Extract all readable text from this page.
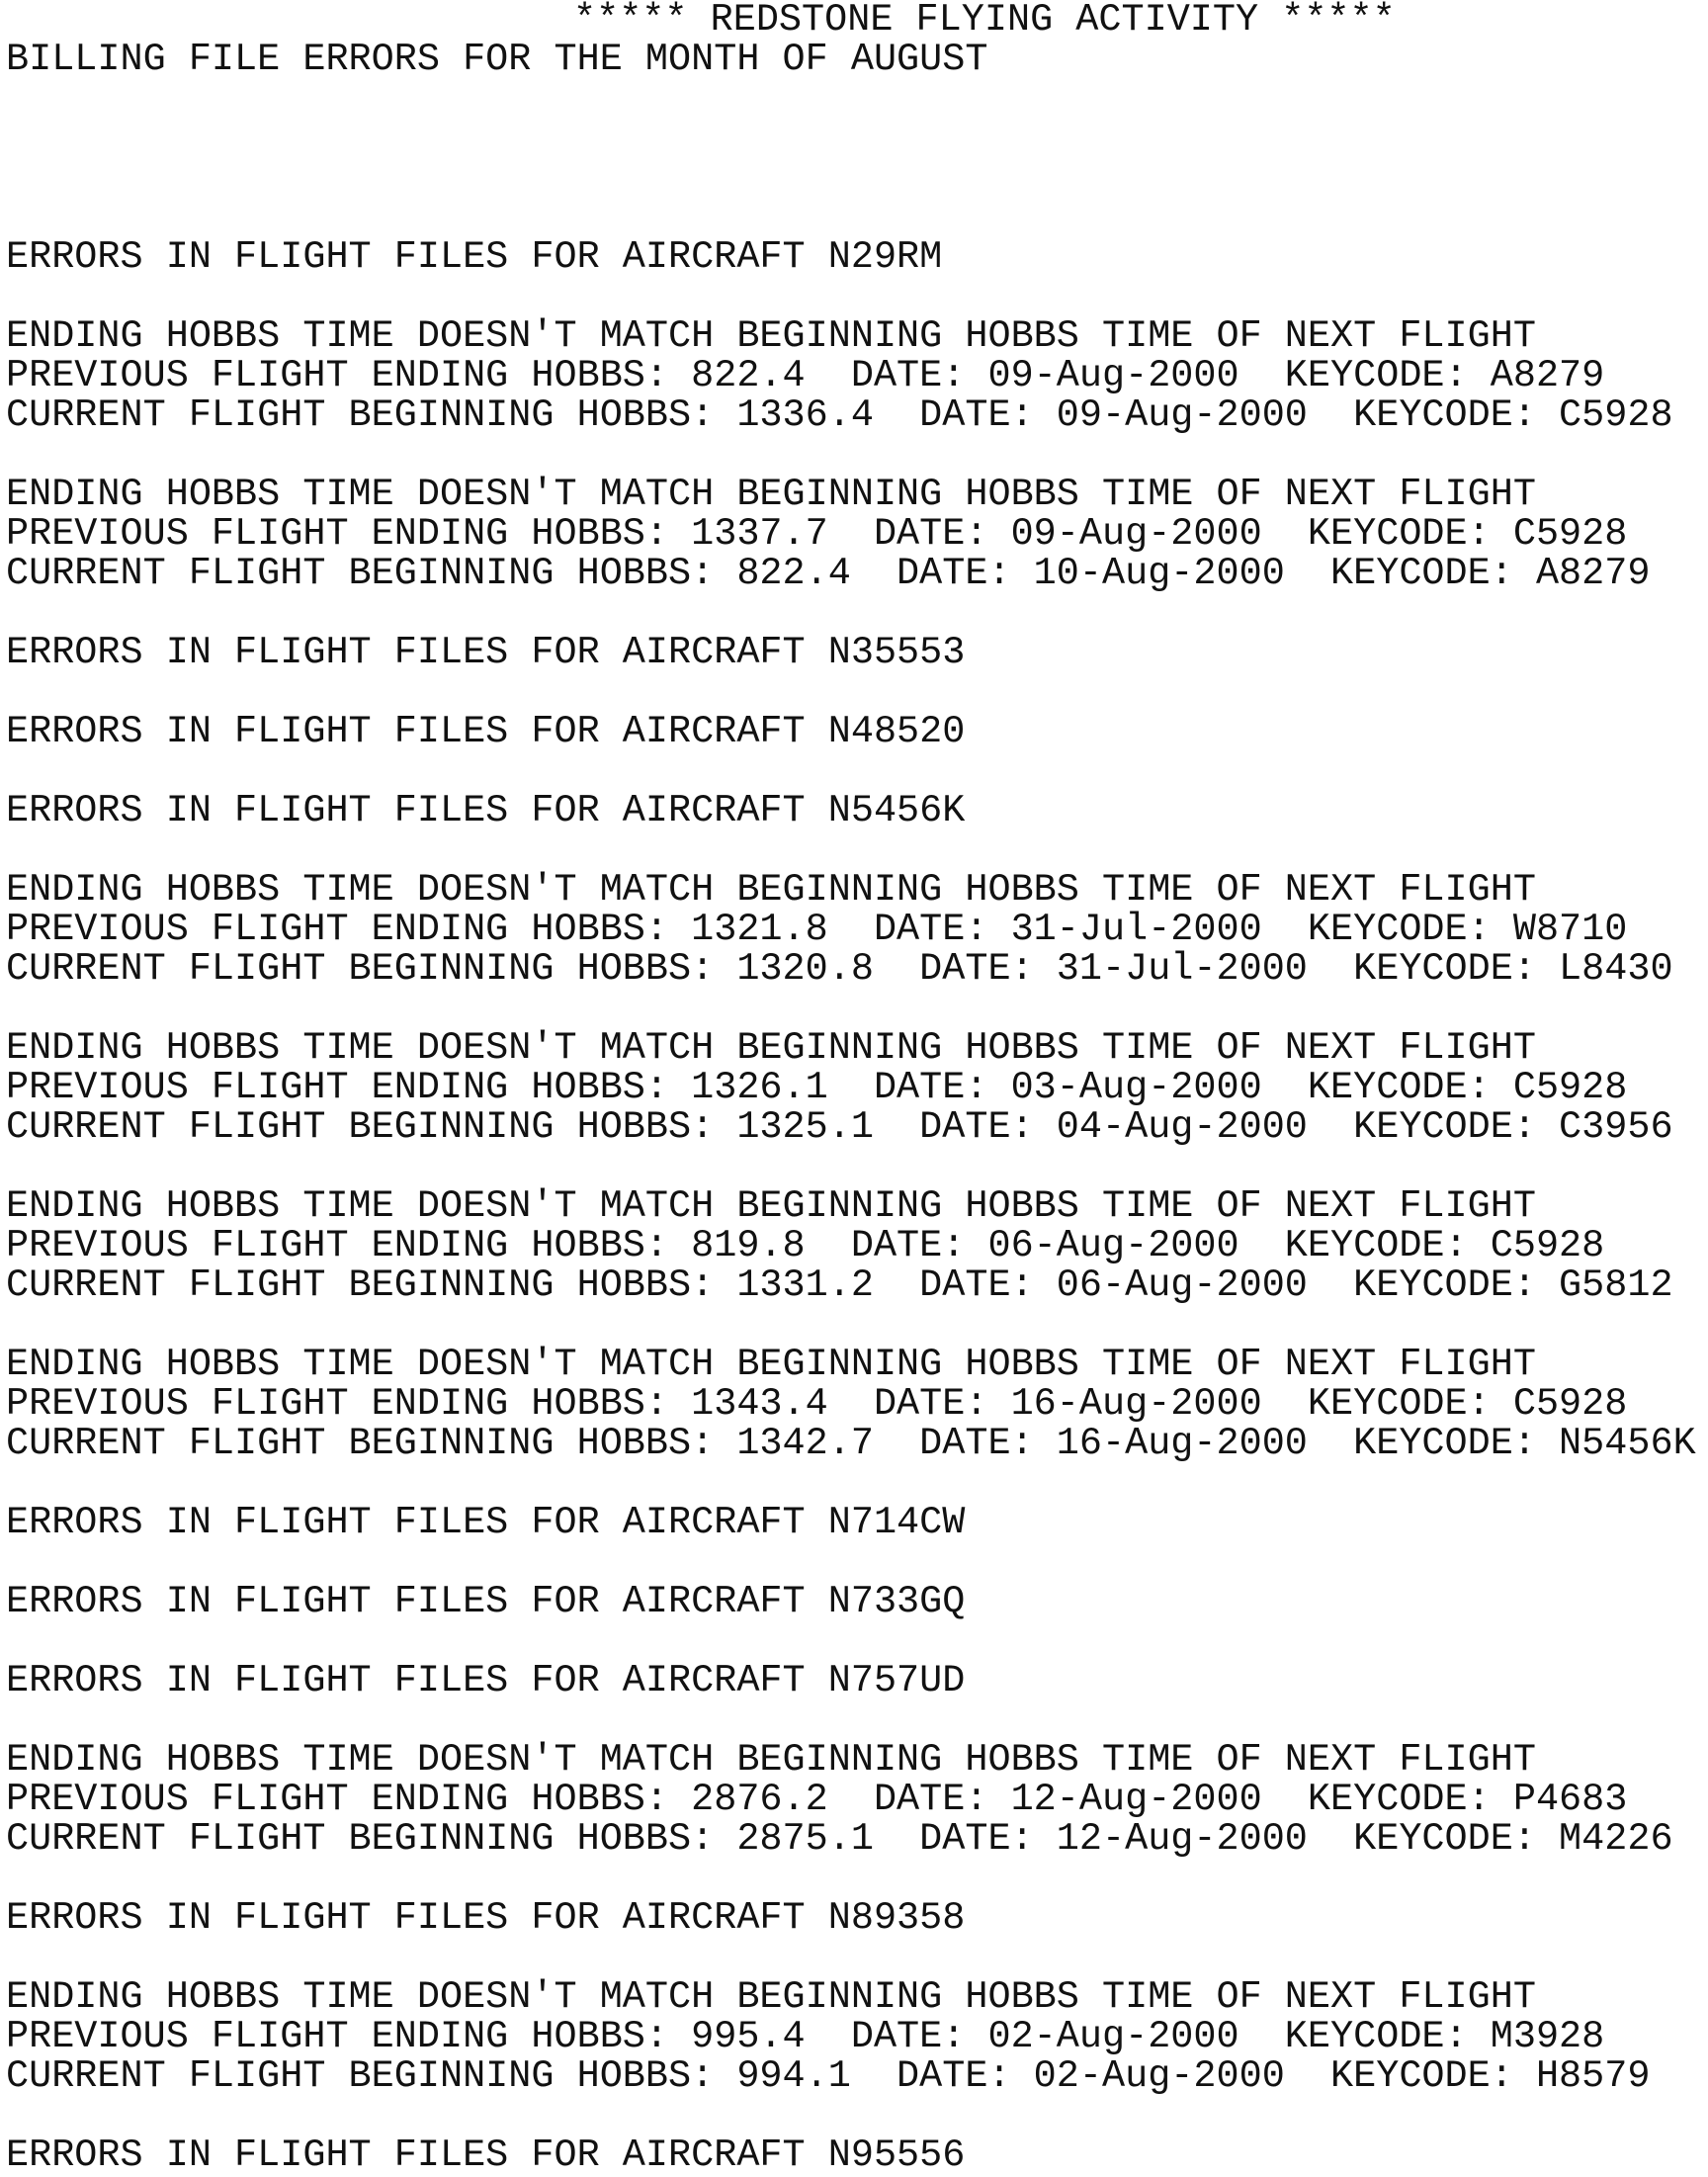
***** REDSTONE FLYING ACTIVITY *****

BILLING FILE ERRORS FOR THE MONTH OF AUGUST

ERRORS IN FLIGHT FILES FOR AIRCRAFT N29RM

ENDING HOBBS TIME DOESN'T MATCH BEGINNING HOBBS TIME OF NEXT FLIGHT

PREVIOUS FLIGHT ENDING HOBBS: 822.4  DATE: 09-Aug-2000  KEYCODE: A8279

CURRENT FLIGHT BEGINNING HOBBS: 1336.4  DATE: 09-Aug-2000  KEYCODE: C5928

ENDING HOBBS TIME DOESN'T MATCH BEGINNING HOBBS TIME OF NEXT FLIGHT

PREVIOUS FLIGHT ENDING HOBBS: 1337.7  DATE: 09-Aug-2000  KEYCODE: C5928

CURRENT FLIGHT BEGINNING HOBBS: 822.4  DATE: 10-Aug-2000  KEYCODE: A8279

ERRORS IN FLIGHT FILES FOR AIRCRAFT N35553

ERRORS IN FLIGHT FILES FOR AIRCRAFT N48520

ERRORS IN FLIGHT FILES FOR AIRCRAFT N5456K

ENDING HOBBS TIME DOESN'T MATCH BEGINNING HOBBS TIME OF NEXT FLIGHT

PREVIOUS FLIGHT ENDING HOBBS: 1321.8  DATE: 31-Jul-2000  KEYCODE: W8710

CURRENT FLIGHT BEGINNING HOBBS: 1320.8  DATE: 31-Jul-2000  KEYCODE: L8430

ENDING HOBBS TIME DOESN'T MATCH BEGINNING HOBBS TIME OF NEXT FLIGHT

PREVIOUS FLIGHT ENDING HOBBS: 1326.1  DATE: 03-Aug-2000  KEYCODE: C5928

CURRENT FLIGHT BEGINNING HOBBS: 1325.1  DATE: 04-Aug-2000  KEYCODE: C3956

ENDING HOBBS TIME DOESN'T MATCH BEGINNING HOBBS TIME OF NEXT FLIGHT

PREVIOUS FLIGHT ENDING HOBBS: 819.8  DATE: 06-Aug-2000  KEYCODE: C5928

CURRENT FLIGHT BEGINNING HOBBS: 1331.2  DATE: 06-Aug-2000  KEYCODE: G5812

ENDING HOBBS TIME DOESN'T MATCH BEGINNING HOBBS TIME OF NEXT FLIGHT

PREVIOUS FLIGHT ENDING HOBBS: 1343.4  DATE: 16-Aug-2000  KEYCODE: C5928

CURRENT FLIGHT BEGINNING HOBBS: 1342.7  DATE: 16-Aug-2000  KEYCODE: N5456K

ERRORS IN FLIGHT FILES FOR AIRCRAFT N714CW

ERRORS IN FLIGHT FILES FOR AIRCRAFT N733GQ

ERRORS IN FLIGHT FILES FOR AIRCRAFT N757UD

ENDING HOBBS TIME DOESN'T MATCH BEGINNING HOBBS TIME OF NEXT FLIGHT

PREVIOUS FLIGHT ENDING HOBBS: 2876.2  DATE: 12-Aug-2000  KEYCODE: P4683

CURRENT FLIGHT BEGINNING HOBBS: 2875.1  DATE: 12-Aug-2000  KEYCODE: M4226

ERRORS IN FLIGHT FILES FOR AIRCRAFT N89358

ENDING HOBBS TIME DOESN'T MATCH BEGINNING HOBBS TIME OF NEXT FLIGHT

PREVIOUS FLIGHT ENDING HOBBS: 995.4  DATE: 02-Aug-2000  KEYCODE: M3928

CURRENT FLIGHT BEGINNING HOBBS: 994.1  DATE: 02-Aug-2000  KEYCODE: H8579

ERRORS IN FLIGHT FILES FOR AIRCRAFT N95556
